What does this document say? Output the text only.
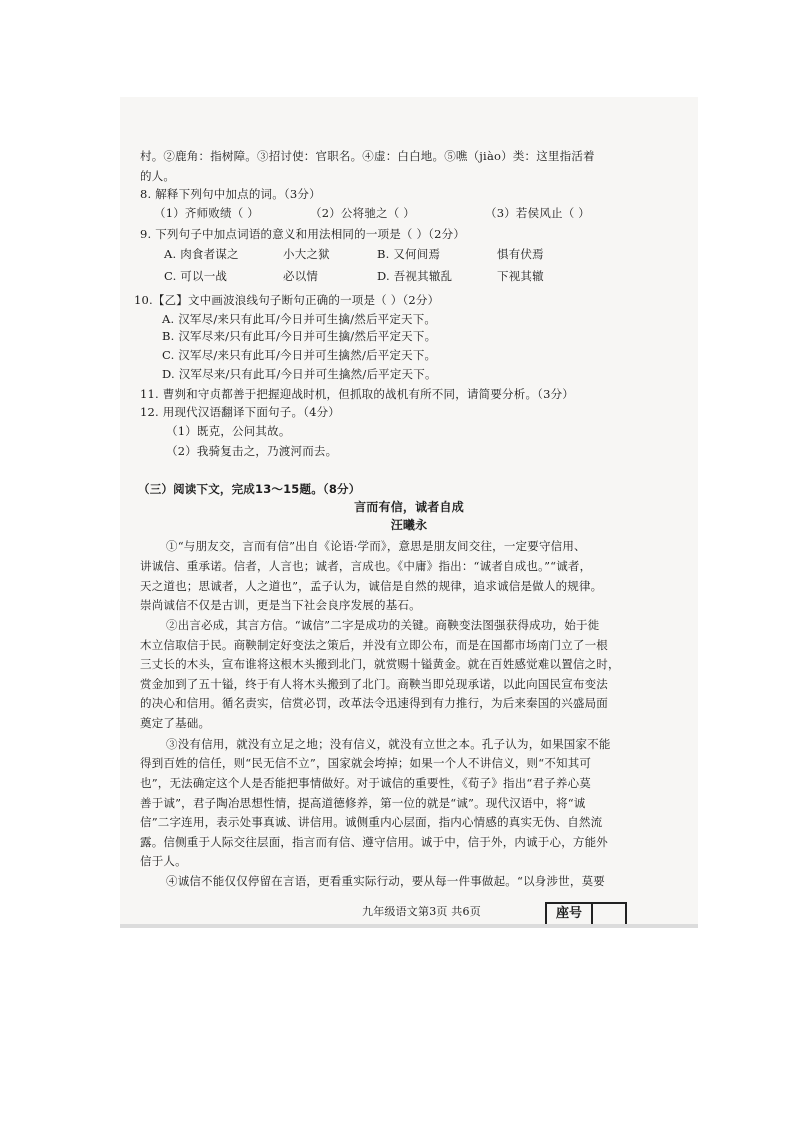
村。②鹿角：指树障。③招讨使：官职名。④虚：白白地。⑤噍（jiào）类：这里指活着
的人。
8. 解释下列句中加点的词。（3分）
（1）齐师败绩（ ）	（2）公将驰之（ ）	（3）若侯风止（ ）
9. 下列句子中加点词语的意义和用法相同的一项是（ ）（2分）
A. 肉食者谋之	小大之狱	B. 又何间焉	惧有伏焉
C. 可以一战	必以情	D. 吾视其辙乱	下视其辙
10.【乙】文中画波浪线句子断句正确的一项是（ ）（2分）
A. 汉军尽/来只有此耳/今日并可生擒/然后平定天下。
B. 汉军尽来/只有此耳/今日并可生擒/然后平定天下。
C. 汉军尽/来只有此耳/今日并可生擒然/后平定天下。
D. 汉军尽来/只有此耳/今日并可生擒然/后平定天下。
11. 曹刿和守贞都善于把握迎战时机，但抓取的战机有所不同，请简要分析。（3分）
12. 用现代汉语翻译下面句子。（4分）
（1）既克，公问其故。
（2）我骑复击之，乃渡河而去。
（三）阅读下文，完成13～15题。（8分）
言而有信，诚者自成
汪曦永
①“与朋友交，言而有信”出自《论语·学而》，意思是朋友间交往，一定要守信用、
讲诚信、重承诺。信者，人言也；诚者，言成也。《中庸》指出：“诚者自成也。”“诚者，
天之道也；思诚者，人之道也”，孟子认为，诚信是自然的规律，追求诚信是做人的规律。
崇尚诚信不仅是古训，更是当下社会良序发展的基石。
②出言必成，其言方信。“诚信”二字是成功的关键。商鞅变法图强获得成功，始于徙
木立信取信于民。商鞅制定好变法之策后，并没有立即公布，而是在国都市场南门立了一根
三丈长的木头，宣布谁将这根木头搬到北门，就赏赐十镒黄金。就在百姓感觉难以置信之时，
赏金加到了五十镒，终于有人将木头搬到了北门。商鞅当即兑现承诺，以此向国民宣布变法
的决心和信用。循名责实，信赏必罚，改革法令迅速得到有力推行，为后来秦国的兴盛局面
奠定了基础。
③没有信用，就没有立足之地；没有信义，就没有立世之本。孔子认为，如果国家不能
得到百姓的信任，则“民无信不立”，国家就会垮掉；如果一个人不讲信义，则“不知其可
也”，无法确定这个人是否能把事情做好。对于诚信的重要性，《荀子》指出“君子养心莫
善于诚”，君子陶冶思想性情，提高道德修养，第一位的就是“诚”。现代汉语中，将“诚
信”二字连用，表示处事真诚、讲信用。诚侧重内心层面，指内心情感的真实无伪、自然流
露。信侧重于人际交往层面，指言而有信、遵守信用。诚于中，信于外，内诚于心，方能外
信于人。
④诚信不能仅仅停留在言语，更看重实际行动，要从每一件事做起。“以身涉世，莫要
九年级语文第3页 共6页	座号
